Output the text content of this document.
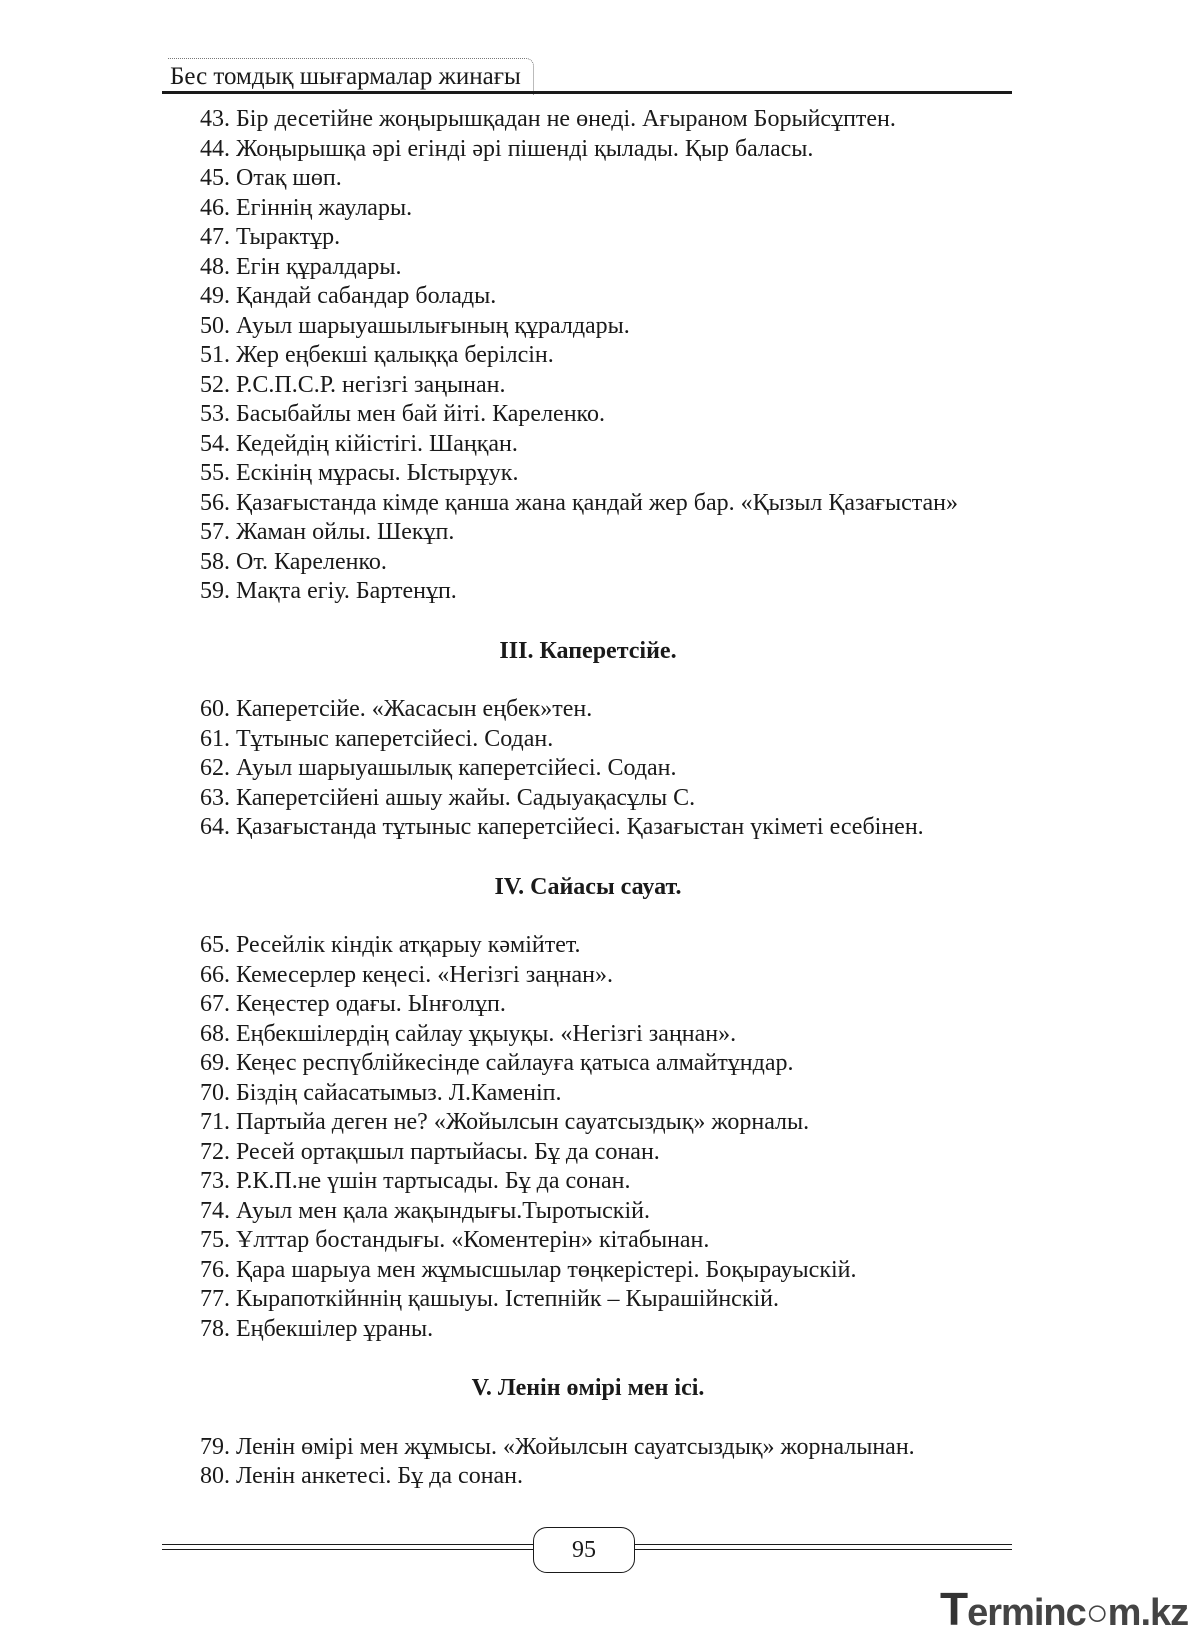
Бес томдық шығармалар жинағы

43. Бір десетійне жоңырышқадан не өнеді. Ағыраном Борыйсұптен.

44. Жоңырышқа әрі егінді әрі пішенді қылады. Қыр баласы.

45. Отақ шөп.

46. Егіннің жаулары.

47. Тырактұр.

48. Егін құралдары.

49. Қандай сабандар болады.

50. Ауыл шарыуашылығының құралдары.

51. Жер еңбекші қалыққа берілсін.

52. Р.С.П.С.Р. негізгі заңынан.

53. Басыбайлы мен бай йіті. Кареленко.

54. Кедейдің кійістігі. Шаңқан.

55. Ескінің мұрасы. Ыстырұук.

56. Қазағыстанда кімде қанша жана қандай жер бар. «Қызыл Қазағыстан»

57. Жаман ойлы. Шекұп.

58. От. Кареленко.

59. Мақта егіу. Бартенұп.

III. Каперетсійе.

60. Каперетсійе. «Жасасын еңбек»тен.

61. Тұтыныс каперетсійесі. Содан.

62. Ауыл шарыуашылық каперетсійесі. Содан.

63. Каперетсійені ашыу жайы. Садыуақасұлы С.

64. Қазағыстанда тұтыныс каперетсійесі. Қазағыстан үкіметі есебінен.

IV. Сайасы сауат.

65. Ресейлік кіндік атқарыу кәмійтет.

66. Кемесерлер кеңесі. «Негізгі заңнан».

67. Кеңестер одағы. Ынғолұп.

68. Еңбекшілердің сайлау ұқыуқы. «Негізгі заңнан».

69. Кеңес респүблійкесінде сайлауға қатыса алмайтұндар.

70. Біздің сайасатымыз. Л.Каменіп.

71. Партыйа деген не? «Жойылсын сауатсыздық» жорналы.

72. Ресей ортақшыл партыйасы. Бұ да сонан.

73. Р.К.П.не үшін тартысады. Бұ да сонан.

74. Ауыл мен қала жақындығы.Тыротыскій.

75. Ұлттар бостандығы. «Коментерін» кітабынан.

76. Қара шарыуа мен жұмысшылар төңкерістері. Боқырауыскій.

77. Кырапоткійннің қашыуы. Істепнійк – Кырашійнскій.

78. Еңбекшілер ұраны.

V. Ленін өмірі мен ісі.

79. Ленін өмірі мен жұмысы. «Жойылсын сауатсыздық» жорналынан.

80. Ленін анкетесі. Бұ да сонан.

95
Terminc○m.kz
